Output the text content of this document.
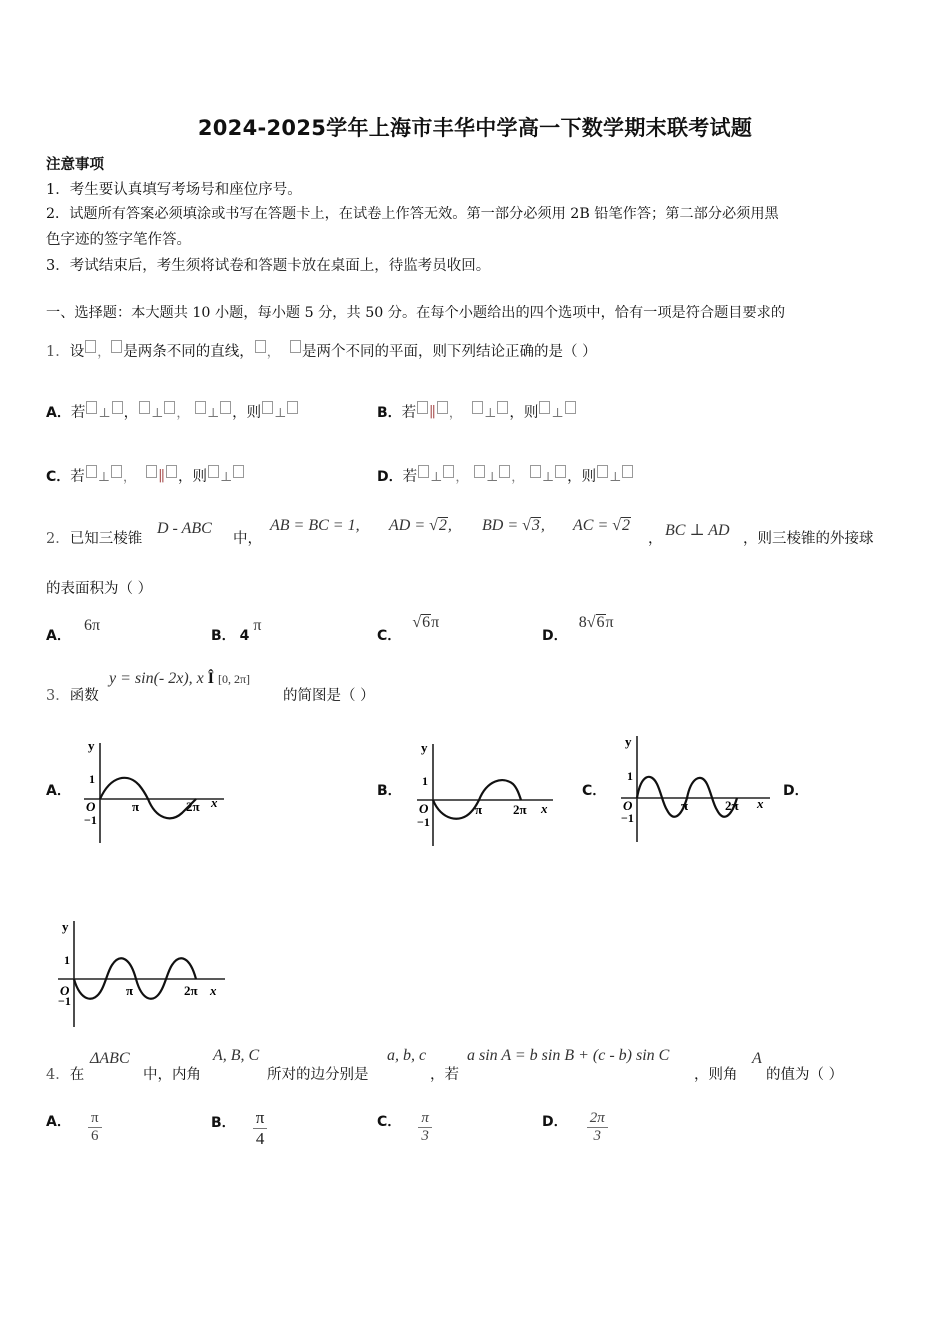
2024-2025学年上海市丰华中学高一下数学期末联考试题
注意事项
1．考生要认真填写考场号和座位序号。
2．试题所有答案必须填涂或书写在答题卡上，在试卷上作答无效。第一部分必须用 2B 铅笔作答；第二部分必须用黑
色字迹的签字笔作答。
3．考试结束后，考生须将试卷和答题卡放在桌面上，待监考员收回。
一、选择题：本大题共 10 小题，每小题 5 分，共 50 分。在每个小题给出的四个选项中，恰有一项是符合题目要求的
1．设 ， 是两条不同的直线， ， 是两个不同的平面，则下列结论正确的是（ ）
A．若 ⊥ ， ⊥ ， ⊥ ，则 ⊥	B．若 ∥ ， ⊥ ，则 ⊥
C．若 ⊥ ， ∥ ，则 ⊥	D．若 ⊥ ， ⊥ ， ⊥ ，则 ⊥
2．已知三棱锥
D - ABC
中，
AB = BC = 1, AD = √2, BD = √3, AC = √2
， BC ⊥ AD ，则三棱锥的外接球
的表面积为（ ）
A． 6π
B． 4π
C． √6π
D． 8√6π
3．函数
y = sin(- 2x), x Î [0, 2π]
的简图是（ ）
A．	B．	C．	D．
y
x
1
−1
O	π	2π
y
x
1
−1
O	π 2π
y
x
1
−1
O	π	2π
y
x
1
−1
O	π	2π
4．在
ΔABC
中，内角
A, B, C
所对的边分别是
a, b, c
，若
a sin A = b sin B + (c - b) sin C
，则角
A
的值为（ ）
A． $\frac{\pi}{6}$	B． $\frac{\pi}{4}$	C． $\frac{\pi}{3}$	D． $\frac{2\pi}{3}$
